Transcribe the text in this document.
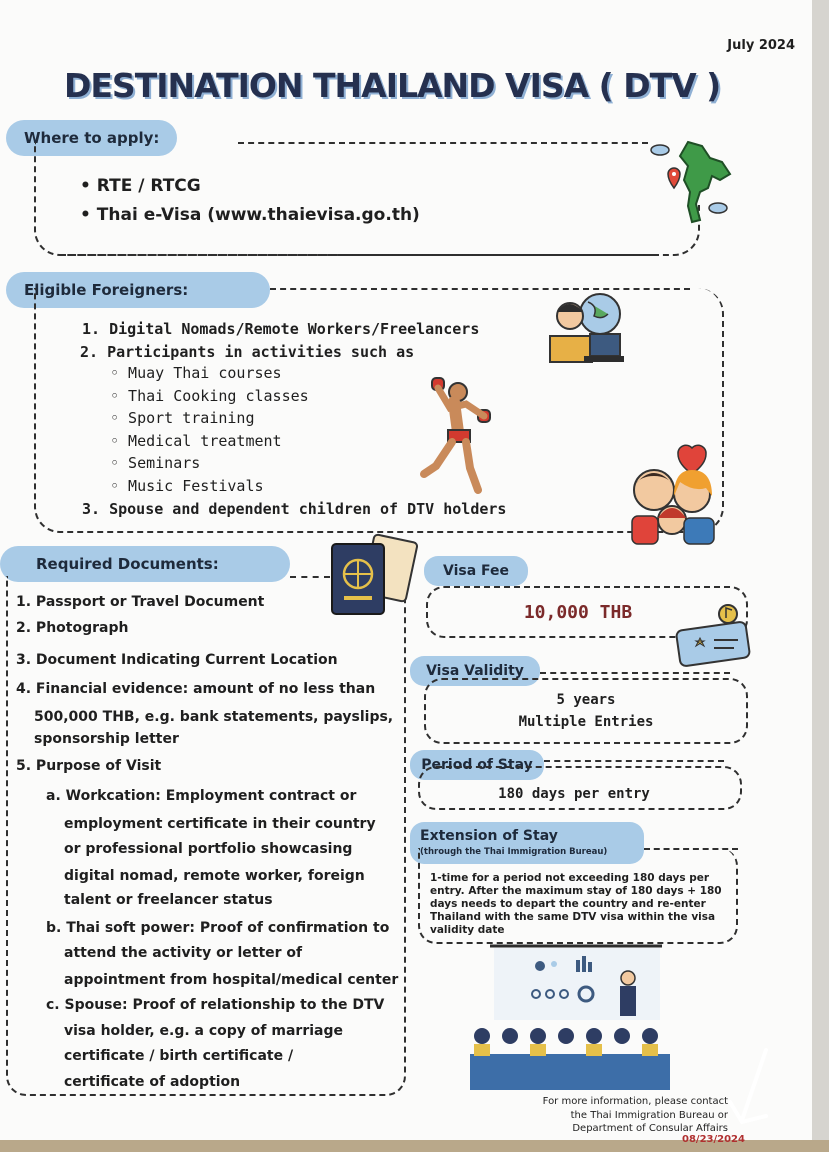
July 2024
DESTINATION THAILAND VISA ( DTV )
Where to apply:
• RTE / RTCG
• Thai e-Visa (www.thaievisa.go.th)
Eligible Foreigners:
1. Digital Nomads/Remote Workers/Freelancers
2. Participants in activities such as
◦ Muay Thai courses
◦ Thai Cooking classes
◦ Sport training
◦ Medical treatment
◦ Seminars
◦ Music Festivals
3. Spouse and dependent children of DTV holders
Required Documents:
1. Passport or Travel Document
2. Photograph
3. Document Indicating Current Location
4. Financial evidence: amount of no less than
500,000 THB, e.g. bank statements, payslips,
sponsorship letter
5. Purpose of Visit
a. Workcation: Employment contract or
employment certificate in their country
or professional portfolio showcasing
digital nomad, remote worker, foreign
talent or freelancer status
b. Thai soft power: Proof of confirmation to
attend the activity or letter of
appointment from hospital/medical center
c. Spouse: Proof of relationship to the DTV
visa holder, e.g. a copy of marriage
certificate / birth certificate /
certificate of adoption
Visa Fee
10,000 THB
Visa Validity
5 years
Multiple Entries
Period of Stay
180 days per entry
Extension of Stay
(through the Thai Immigration Bureau)
1-time for a period not exceeding 180 days per entry. After the maximum stay of 180 days + 180 days needs to depart the country and re-enter Thailand with the same DTV visa within the visa validity date
For more information, please contact
the Thai Immigration Bureau or
Department of Consular Affairs
08/23/2024
